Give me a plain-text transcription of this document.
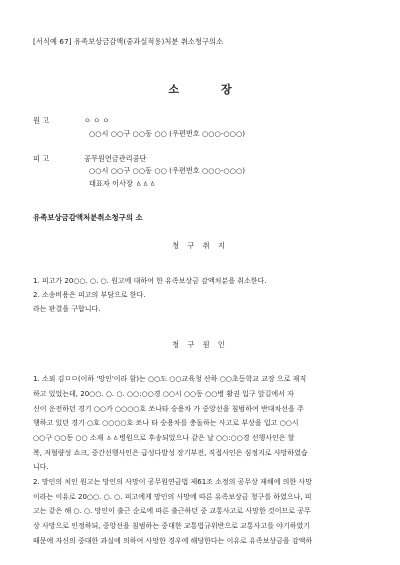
[서식예 67] 유족보상금감액(중과실적용)처분 취소청구의소
소	장
원 고	ㅇ ㅇ ㅇ
○○시 ○○구 ○○동 ○○ (우편번호 ○○○-○○○)
피 고	공무원연금관리공단
○○시 ○○구 ○○동 ○○ (우편번호 ○○○-○○○)
대표자 이사장 ㅿㅿㅿ
유족보상금감액처분취소청구의 소
청 구 취 지
1. 피고가 20○○. ○. ○. 원고에 대하여 한 유족보상금 감액처분을 취소한다.
2. 소송비용은 피고의 부담으로 한다.
라는 판결을 구합니다.
청 구 원 인
1. 소외 김ㅁㅁ(이하 '망인'이라 함)는 ○○도 ○○교육청 산하 ○○초등학교 교장 으로 재직
하고 있었는데, 20○○. ○. ○. ○○:○○경 ○○시 ○○동 ○○병 활권 입구 앞길에서 자
신이 운전하던 경기 ○○가 ○○○○호 쏘나타 승용차 가 중앙선을 침범하여 반대차선을 주
행하고 있던 경기 ○호 ○○○○호 쏘나 타 승용차를 충돌하는 사고로 부상을 입고 ○○시
○○구 ○○동 ○○ 소재 ㅿㅿ병원으로 후송되었으나 같은 날 ○○:○○경 선행사인은 할
복, 저혈량성 쇼크, 중간선행사인은 급성다발성 장기부전, 직접사인은 심정지로 사망하였습
니다.
2. 망인의 처인 원고는 망인의 사망이 공무원연금법 제61조 소정의 공무상 재해에 의한 사망
이라는 이유로 20○○. ○. ○. 피고에게 망인의 사망에 따른 유족보상금 청구를 하였으나, 피
고는 같은 해 ○. ○. 망인이 출근 순로에 따른 출근하던 중 교통사고로 사망한 것이므로 공무
상 사망으로 인정하되, 중앙선을 침범하는 중대한 교통법규위반으로 교통사고를 야기하였기
때문에 자신의 중대한 과실에 의하여 사망한 경우에 해당한다는 이유로 유족보상금을 감액하
